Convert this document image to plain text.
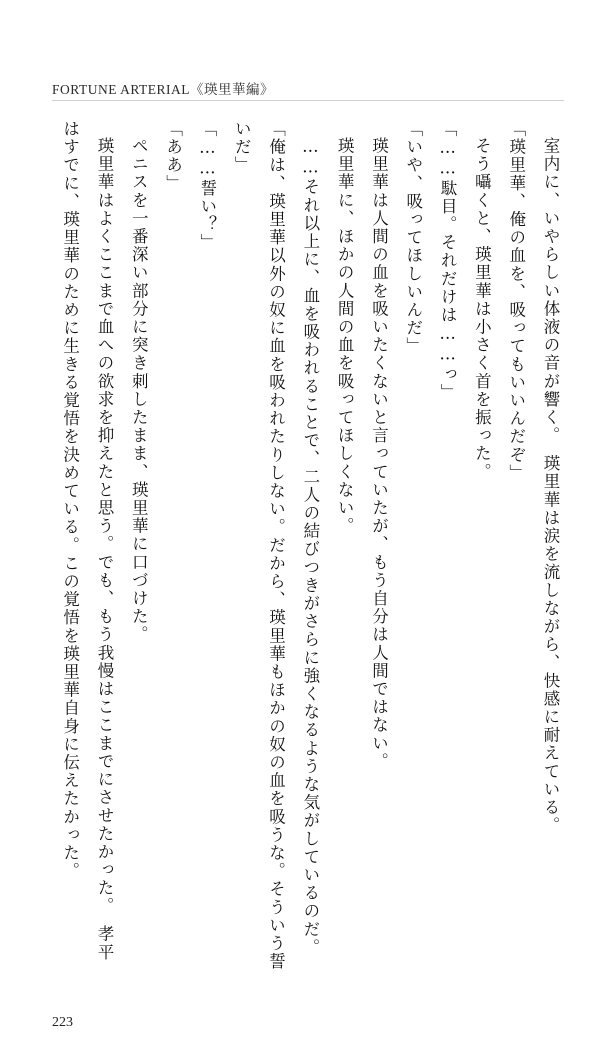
FORTUNE ARTERIAL《瑛里華編》

室内に、いやらしい体液の音が響く。　瑛里華は涙を流しながら、快感に耐えている。

「瑛里華、俺の血を、吸ってもいいんだぞ」

そう囁くと、瑛里華は小さく首を振った。

「……駄目。それだけは……っ」

「いや、吸ってほしいんだ」

瑛里華は人間の血を吸いたくないと言っていたが、もう自分は人間ではない。

瑛里華に、ほかの人間の血を吸ってほしくない。

……それ以上に、血を吸われることで、二人の結びつきがさらに強くなるような気がしているのだ。

「俺は、瑛里華以外の奴に血を吸われたりしない。だから、瑛里華もほかの奴の血を吸うな。そういう誓いだ」

「……誓い？」

「ああ」

ペニスを一番深い部分に突き刺したまま、瑛里華に口づけた。

瑛里華はよくここまで血への欲求を抑えたと思う。でも、もう我慢はここまでにさせたかった。　孝平はすでに、瑛里華のために生きる覚悟を決めている。この覚悟を瑛里華自身に伝えたかった。

223
